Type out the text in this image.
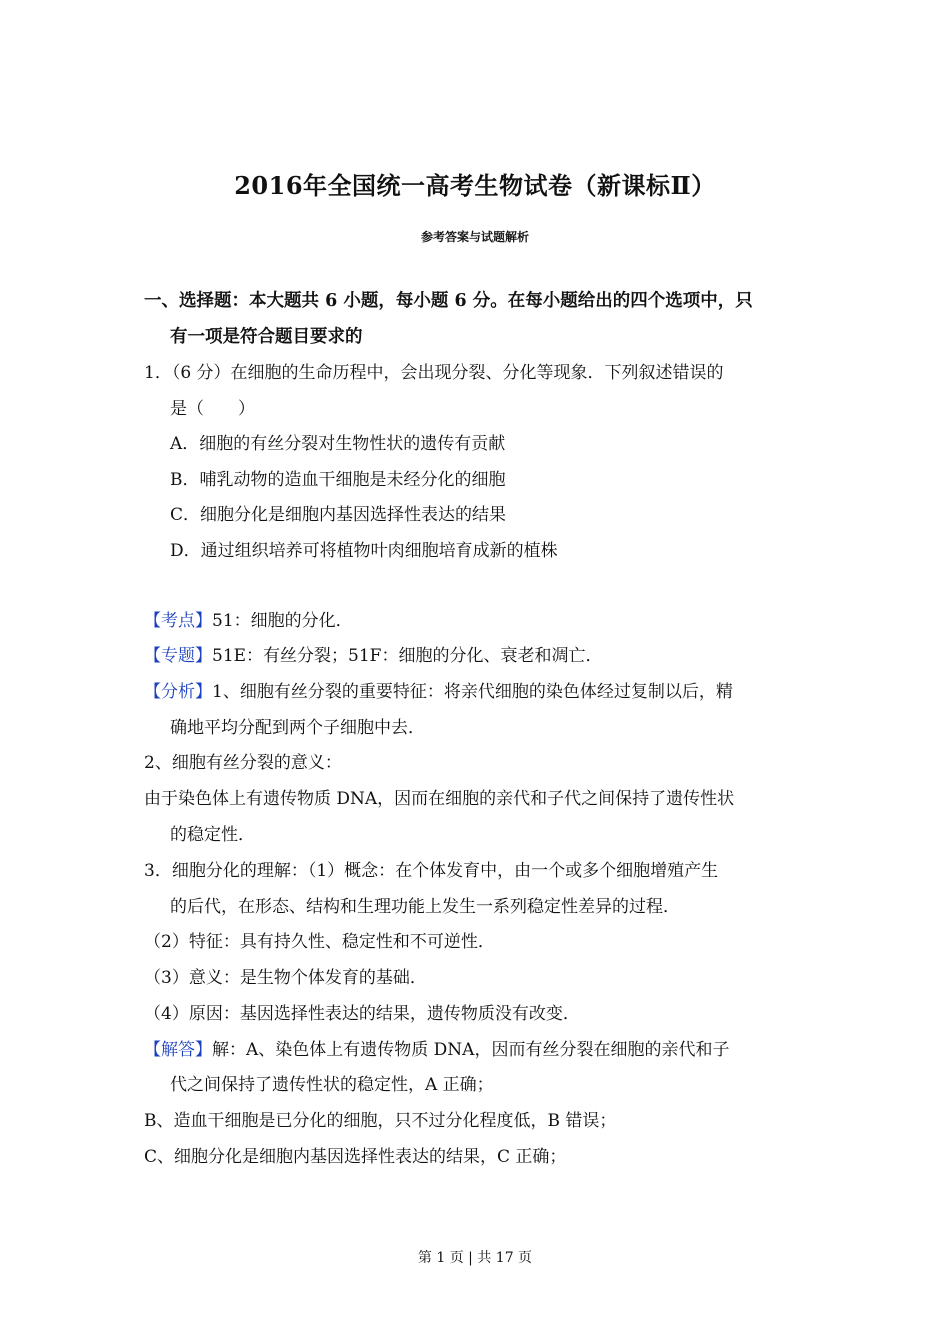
2016年全国统一高考生物试卷（新课标Ⅱ）
参考答案与试题解析
一、选择题：本大题共 6 小题，每小题 6 分。在每小题给出的四个选项中，只
有一项是符合题目要求的
1．（6 分）在细胞的生命历程中，会出现分裂、分化等现象．下列叙述错误的
是（　　）
A．细胞的有丝分裂对生物性状的遗传有贡献
B．哺乳动物的造血干细胞是未经分化的细胞
C．细胞分化是细胞内基因选择性表达的结果
D．通过组织培养可将植物叶肉细胞培育成新的植株
【考点】51：细胞的分化．
【专题】51E：有丝分裂；51F：细胞的分化、衰老和凋亡．
【分析】1、细胞有丝分裂的重要特征：将亲代细胞的染色体经过复制以后，精
确地平均分配到两个子细胞中去．
2、细胞有丝分裂的意义：
由于染色体上有遗传物质 DNA，因而在细胞的亲代和子代之间保持了遗传性状
的稳定性．
3．细胞分化的理解：（1）概念：在个体发育中，由一个或多个细胞增殖产生
的后代，在形态、结构和生理功能上发生一系列稳定性差异的过程．
（2）特征：具有持久性、稳定性和不可逆性．
（3）意义：是生物个体发育的基础．
（4）原因：基因选择性表达的结果，遗传物质没有改变．
【解答】解：A、染色体上有遗传物质 DNA，因而有丝分裂在细胞的亲代和子
代之间保持了遗传性状的稳定性，A 正确；
B、造血干细胞是已分化的细胞，只不过分化程度低，B 错误；
C、细胞分化是细胞内基因选择性表达的结果，C 正确；
第 1 页 | 共 17 页
